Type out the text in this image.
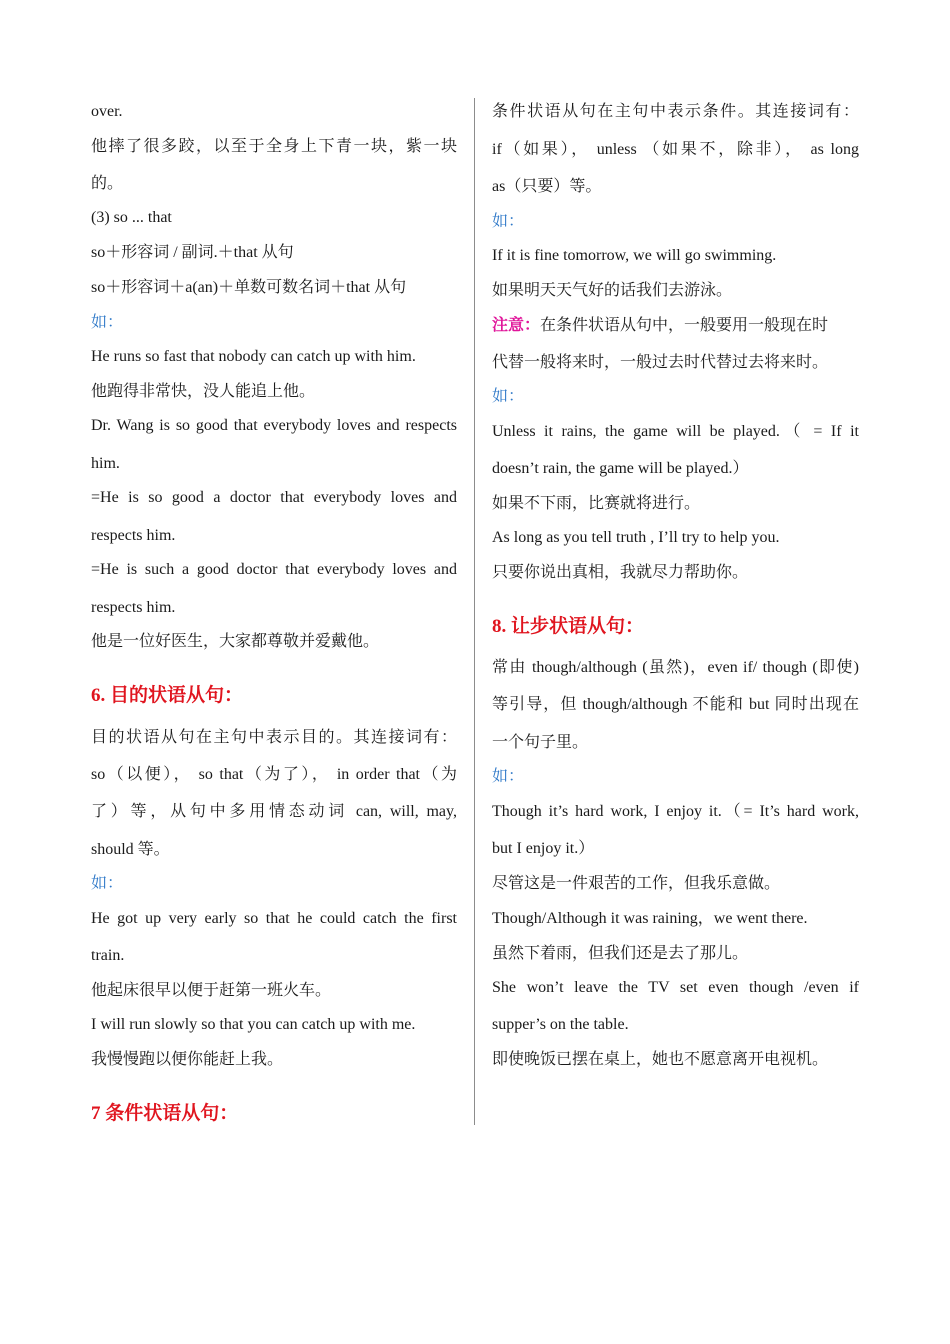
over.
他摔了很多跤，以至于全身上下青一块，紫一块
的。
(3) so ... that
so＋形容词 / 副词.＋that 从句
so＋形容词＋a(an)＋单数可数名词＋that 从句
如：
He runs so fast that nobody can catch up with him.
他跑得非常快，没人能追上他。
Dr. Wang is so good that everybody loves and respects
him.
=He is so good a doctor that everybody loves and
respects him.
=He is such a good doctor that everybody loves and
respects him.
他是一位好医生，大家都尊敬并爱戴他。
6. 目的状语从句：
目的状语从句在主句中表示目的。其连接词有：
so（以便）， so that（为了）， in order that（为
了）等，从句中多用情态动词 can, will, may,
should 等。
如：
He got up very early so that he could catch the first
train.
他起床很早以便于赶第一班火车。
I will run slowly so that you can catch up with me.
我慢慢跑以便你能赶上我。
7 条件状语从句：
条件状语从句在主句中表示条件。其连接词有：
if（如果）， unless （如果不，除非）， as long
as（只要）等。
如：
If it is fine tomorrow, we will go swimming.
如果明天天气好的话我们去游泳。
注意：在条件状语从句中，一般要用一般现在时
代替一般将来时，一般过去时代替过去将来时。
如：
Unless it rains, the game will be played.（ = If it
doesn’t rain, the game will be played.）
如果不下雨，比赛就将进行。
As long as you tell truth , I’ll try to help you.
只要你说出真相，我就尽力帮助你。
8. 让步状语从句：
常由 though/although (虽然)，even if/ though (即使)
等引导，但 though/although 不能和 but 同时出现在
一个句子里。
如：
Though it’s hard work, I enjoy it.（= It’s hard work,
but I enjoy it.）
尽管这是一件艰苦的工作，但我乐意做。
Though/Although it was raining，we went there.
虽然下着雨，但我们还是去了那儿。
She won’t leave the TV set even though /even if
supper’s on the table.
即使晚饭已摆在桌上，她也不愿意离开电视机。
